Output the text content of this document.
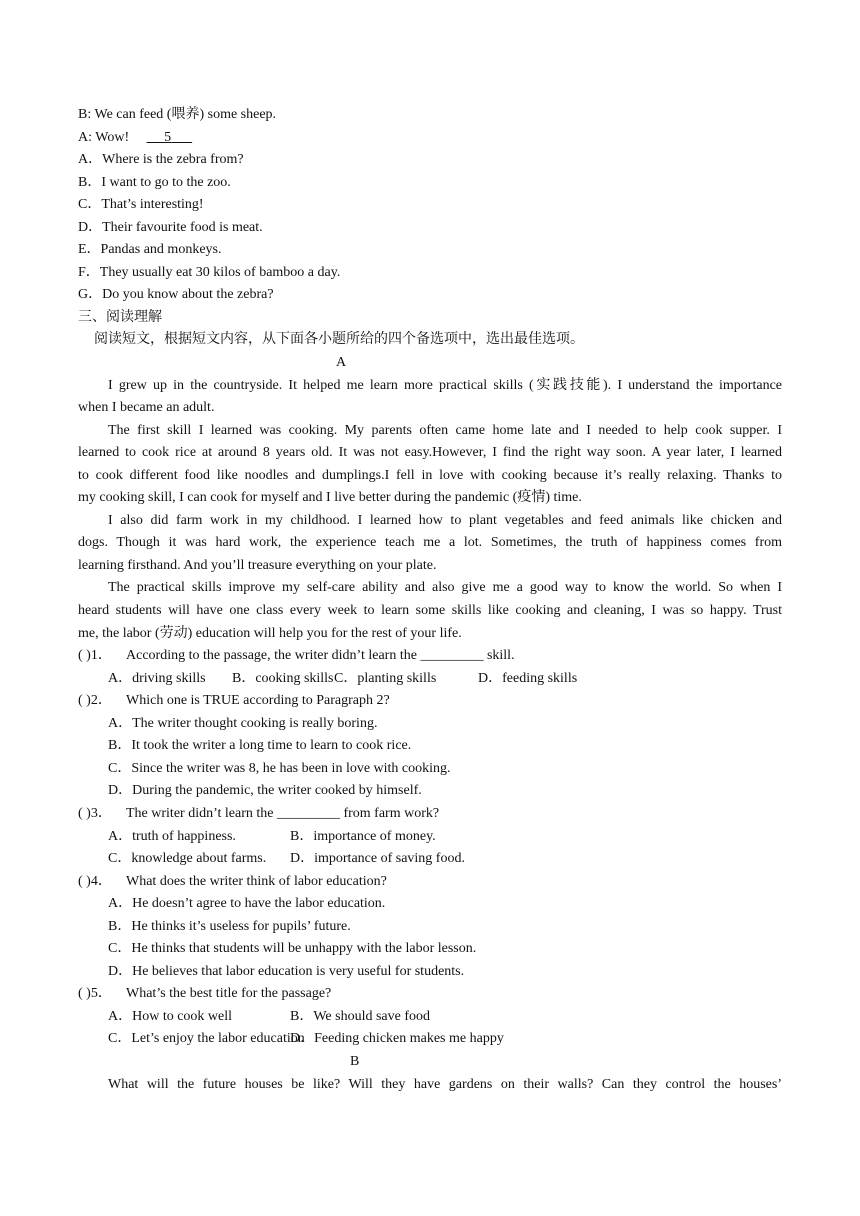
B: We can feed (喂养) some sheep.
A: Wow!	5
A．Where is the zebra from?
B．I want to go to the zoo.
C．That’s interesting!
D．Their favourite food is meat.
E．Pandas and monkeys.
F．They usually eat 30 kilos of bamboo a day.
G．Do you know about the zebra?
三、阅读理解
阅读短文，根据短文内容，从下面各小题所给的四个备选项中，选出最佳选项。
A
I grew up in the countryside. It helped me learn more practical skills (实践技能). I understand the importance
when I became an adult.
The first skill I learned was cooking. My parents often came home late and I needed to help cook supper. I
learned to cook rice at around 8 years old. It was not easy.However, I find the right way soon. A year later, I learned
to cook different food like noodles and dumplings.I fell in love with cooking because it’s really relaxing. Thanks to
my cooking skill, I can cook for myself and I live better during the pandemic (疫情) time.
I also did farm work in my childhood. I learned how to plant vegetables and feed animals like chicken and
dogs. Though it was hard work, the experience teach me a lot. Sometimes, the truth of happiness comes from
learning firsthand. And you’ll treasure everything on your plate.
The practical skills improve my self-care ability and also give me a good way to know the world. So when I
heard students will have one class every week to learn some skills like cooking and cleaning, I was so happy. Trust
me, the labor (劳动) education will help you for the rest of your life.
( )1． According to the passage, the writer didn’t learn the _________ skill.
A．driving skills	B．cooking skills C．planting skills	D．feeding skills
( )2． Which one is TRUE according to Paragraph 2?
A．The writer thought cooking is really boring.
B．It took the writer a long time to learn to cook rice.
C．Since the writer was 8, he has been in love with cooking.
D．During the pandemic, the writer cooked by himself.
( )3． The writer didn’t learn the _________ from farm work?
A．truth of happiness.	B．importance of money.
C．knowledge about farms.	D．importance of saving food.
( )4． What does the writer think of labor education?
A．He doesn’t agree to have the labor education.
B．He thinks it’s useless for pupils’ future.
C．He thinks that students will be unhappy with the labor lesson.
D．He believes that labor education is very useful for students.
( )5． What’s the best title for the passage?
A．How to cook well	B．We should save food
C．Let’s enjoy the labor education
D．Feeding chicken makes me happy
B
What will the future houses be like? Will they have gardens on their walls? Can they control the houses’
